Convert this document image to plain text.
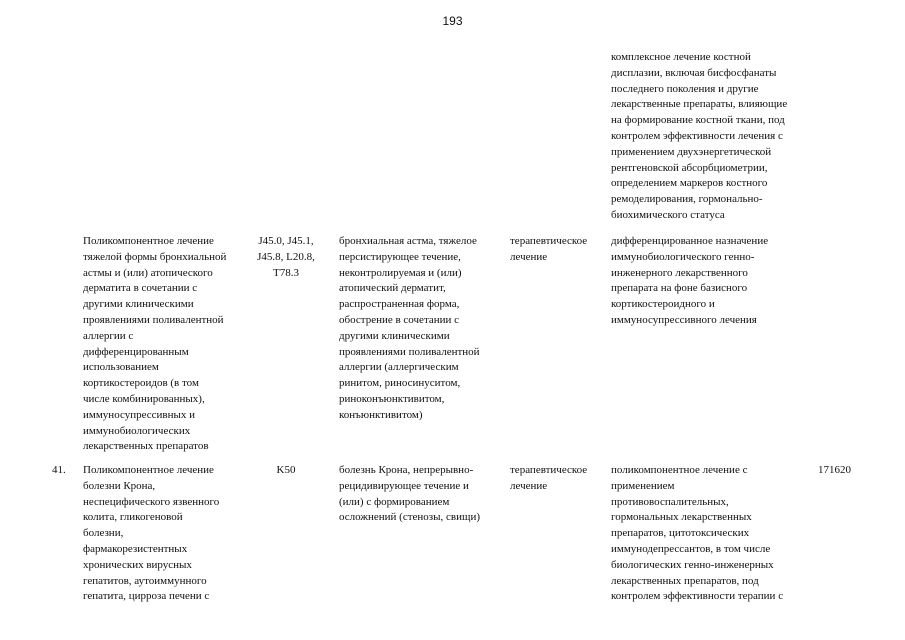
193
комплексное лечение костной
дисплазии, включая бисфосфанаты
последнего поколения и другие
лекарственные препараты, влияющие
на формирование костной ткани, под
контролем эффективности лечения с
применением двухэнергетической
рентгеновской абсорбциометрии,
определением маркеров костного
ремоделирования, гормонально-
биохимического статуса
Поликомпонентное лечение
тяжелой формы бронхиальной
астмы и (или) атопического
дерматита в сочетании с
другими клиническими
проявлениями поливалентной
аллергии с
дифференцированным
использованием
кортикостероидов (в том
числе комбинированных),
иммуносупрессивных и
иммунобиологических
лекарственных препаратов
J45.0, J45.1,
J45.8, L20.8,
T78.3
бронхиальная астма, тяжелое
персистирующее течение,
неконтролируемая и (или)
атопический дерматит,
распространенная форма,
обострение в сочетании с
другими клиническими
проявлениями поливалентной
аллергии (аллергическим
ринитом, риносинуситом,
риноконъюнктивитом,
конъюнктивитом)
терапевтическое
лечение
дифференцированное назначение
иммунобиологического генно-
инженерного лекарственного
препарата на фоне базисного
кортикостероидного и
иммуносупрессивного лечения
41.	Поликомпонентное лечение
болезни Крона,
неспецифического язвенного
колита, гликогеновой
болезни,
фармакорезистентных
хронических вирусных
гепатитов, аутоиммунного
гепатита, цирроза печени с
K50	болезнь Крона, непрерывно-
рецидивирующее течение и
(или) с формированием
осложнений (стенозы, свищи)
терапевтическое
лечение
поликомпонентное лечение с
применением
противовоспалительных,
гормональных лекарственных
препаратов, цитотоксических
иммунодепрессантов, в том числе
биологических генно-инженерных
лекарственных препаратов, под
контролем эффективности терапии с
171620
